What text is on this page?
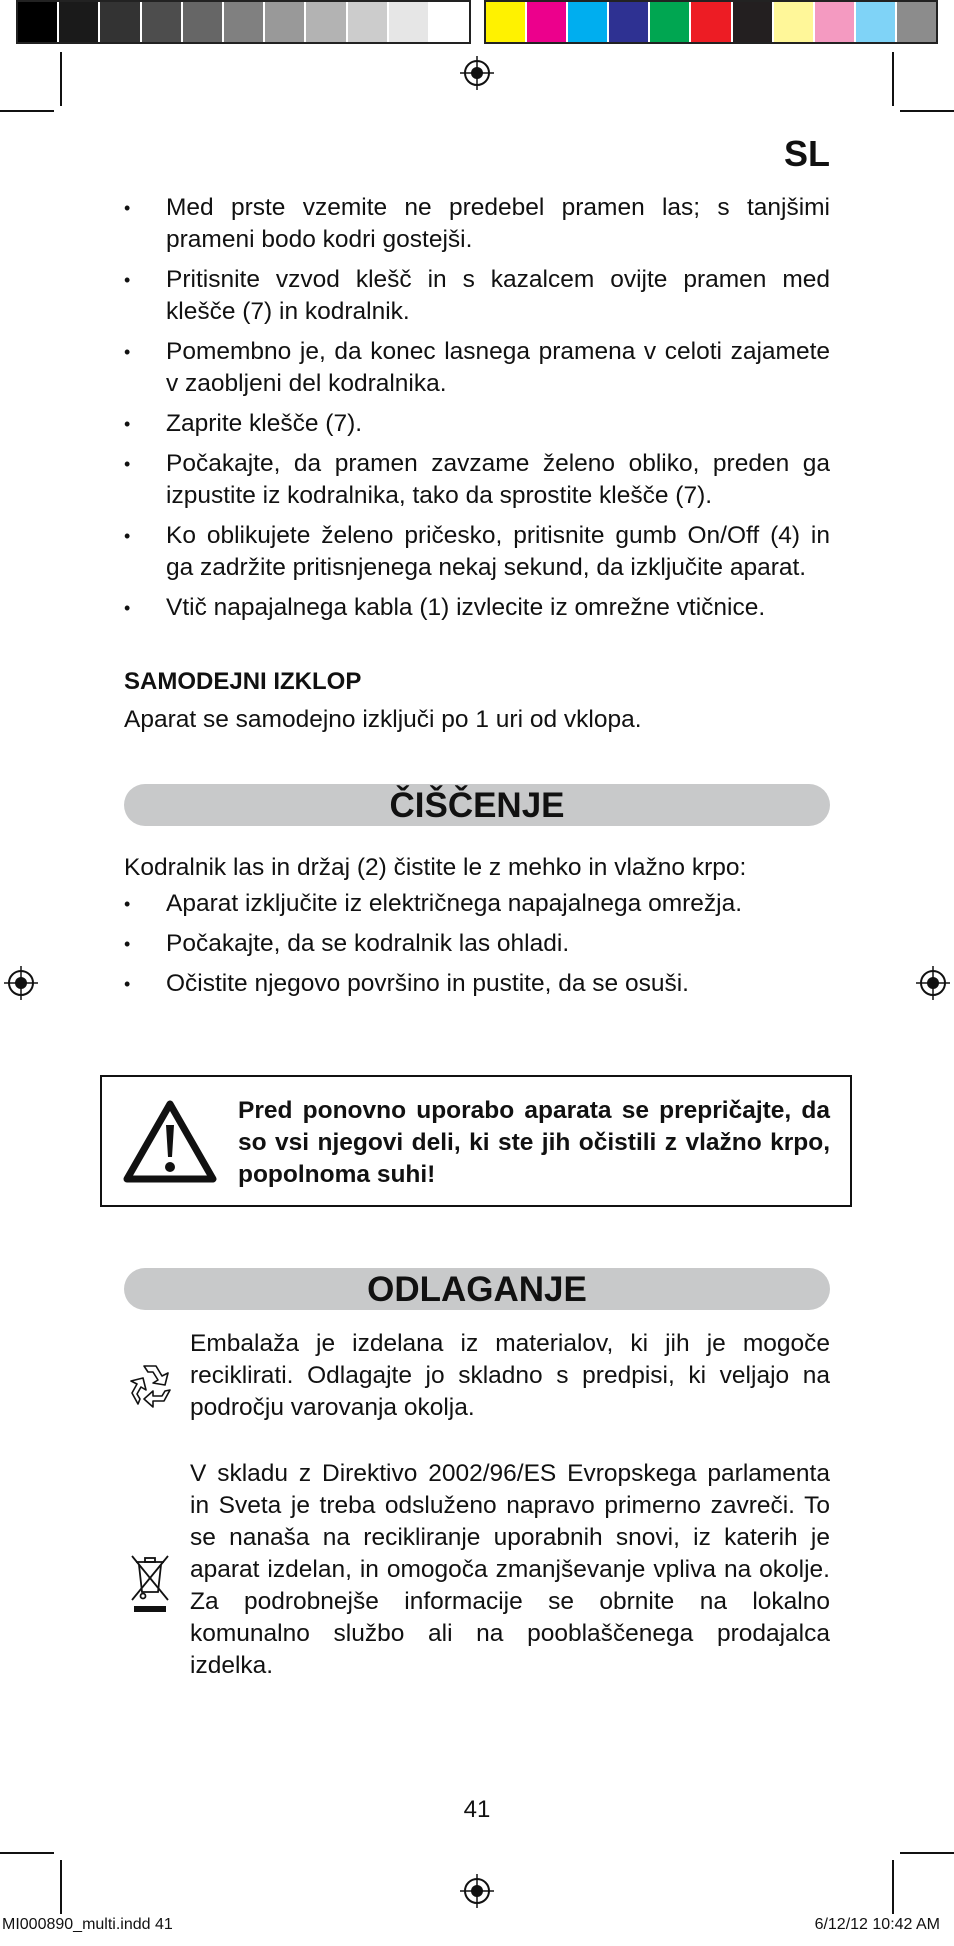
SL
• Med prste vzemite ne predebel pramen las; s tanjšimi prameni bodo kodri gostejši.
• Pritisnite vzvod klešč in s kazalcem ovijte pramen med klešče (7) in kodralnik.
• Pomembno je, da konec lasnega pramena v celoti zajamete v zaobljeni del kodralnika.
• Zaprite klešče (7).
• Počakajte, da pramen zavzame želeno obliko, preden ga izpustite iz kodralnika, tako da sprostite klešče (7).
• Ko oblikujete želeno pričesko, pritisnite gumb On/Off (4) in ga zadržite pritisnjenega nekaj sekund, da izključite aparat.
• Vtič napajalnega kabla (1) izvlecite iz omrežne vtičnice.
SAMODEJNI IZKLOP

Aparat se samodejno izključi po 1 uri od vklopa.

ČIŠČENJE

Kodralnik las in držaj (2) čistite le z mehko in vlažno krpo:

• Aparat izključite iz električnega napajalnega omrežja.
• Počakajte, da se kodralnik las ohladi.
• Očistite njegovo površino in pustite, da se osuši.
Pred ponovno uporabo aparata se prepričajte, da so vsi njegovi deli, ki ste jih očistili z vlažno krpo, popolnoma suhi!
ODLAGANJE
Embalaža je izdelana iz materialov, ki jih je mogoče reciklirati. Odlagajte jo skladno s predpisi, ki veljajo na področju varovanja okolja.
V skladu z Direktivo 2002/96/ES Evropskega parlamenta in Sveta je treba odsluženo napravo primerno zavreči. To se nanaša na recikliranje uporabnih snovi, iz katerih je aparat izdelan, in omogoča zmanjševanje vpliva na okolje. Za podrobnejše informacije se obrnite na lokalno komunalno službo ali na pooblaščenega prodajalca izdelka.
41
MI000890_multi.indd 41	6/12/12 10:42 AM
